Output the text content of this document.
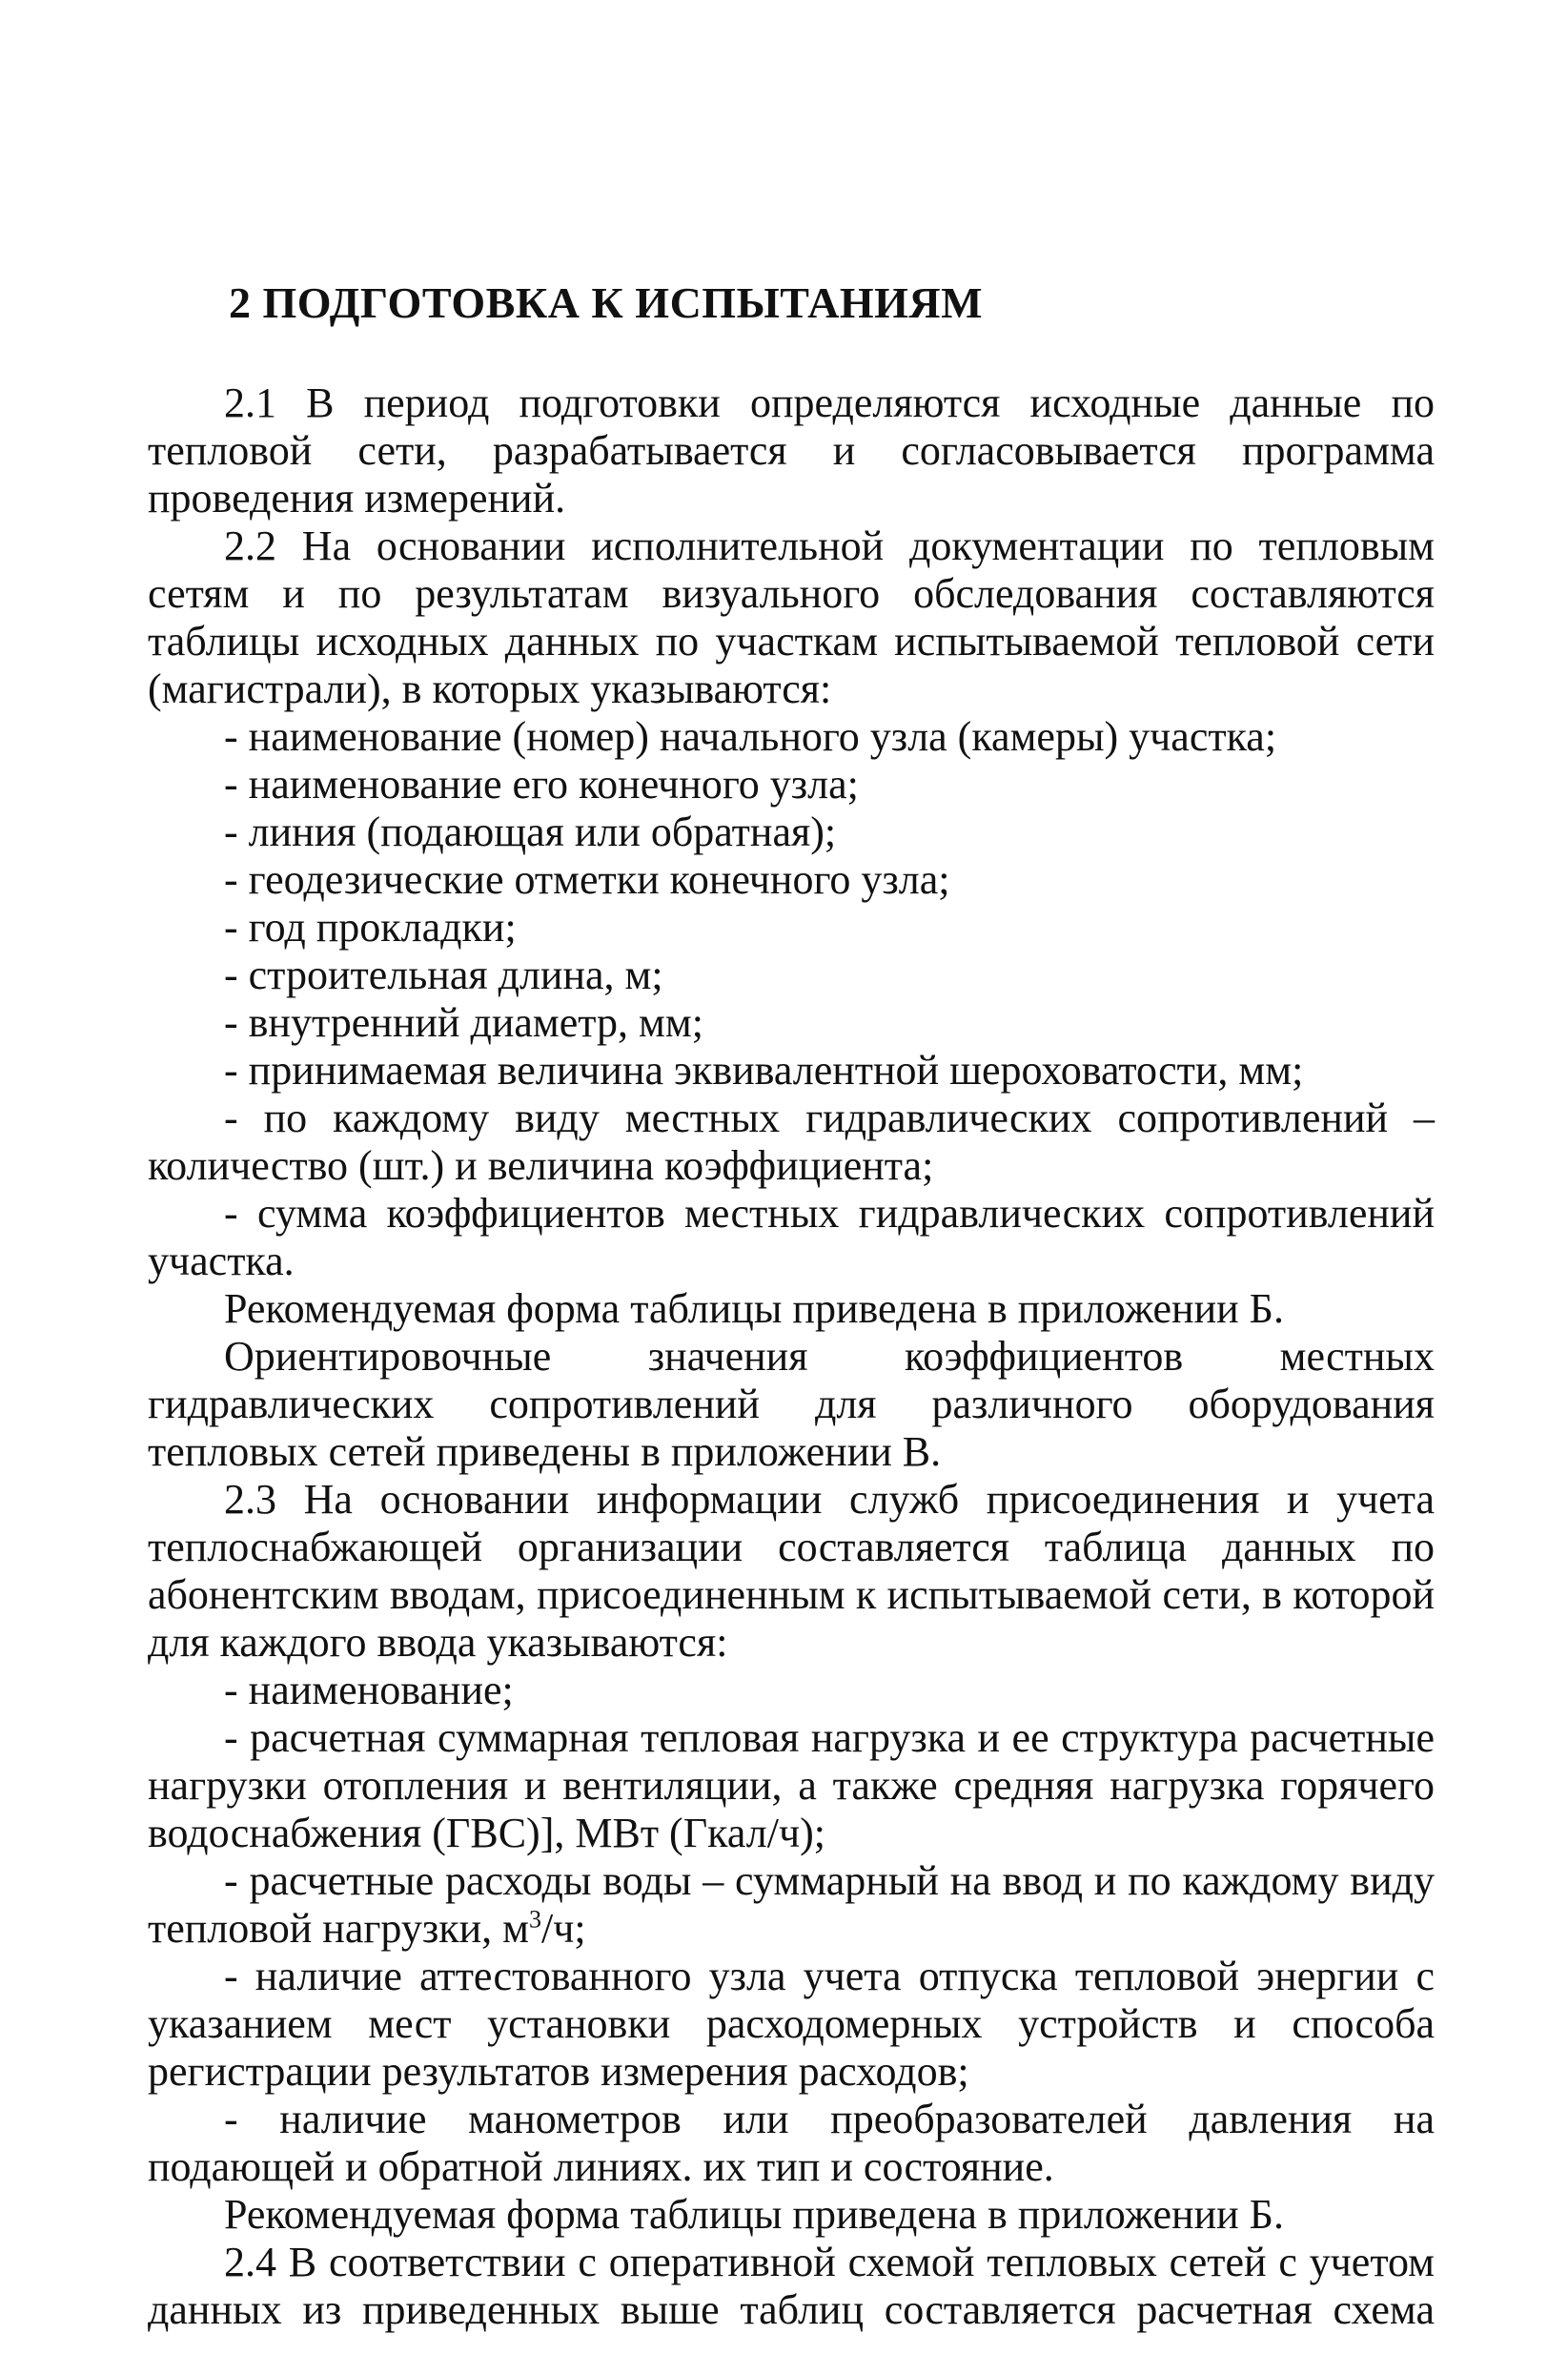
2 ПОДГОТОВКА К ИСПЫТАНИЯМ

2.1 В период подготовки определяются исходные данные по тепловой сети, разрабатывается и согласовывается программа проведения измерений.

2.2 На основании исполнительной документации по тепловым сетям и по результатам визуального обследования составляются таблицы исходных данных по участкам испытываемой тепловой сети (магистрали), в которых указываются:

- наименование (номер) начального узла (камеры) участка;

- наименование его конечного узла;

- линия (подающая или обратная);

- геодезические отметки конечного узла;

- год прокладки;

- строительная длина, м;

- внутренний диаметр, мм;

- принимаемая величина эквивалентной шероховатости, мм;

- по каждому виду местных гидравлических сопротивлений – количество (шт.) и величина коэффициента;

- сумма коэффициентов местных гидравлических сопротивлений участка.

Рекомендуемая форма таблицы приведена в приложении Б.

Ориентировочные значения коэффициентов местных гидравлических сопротивлений для различного оборудования тепловых сетей приведены в приложении В.

2.3 На основании информации служб присоединения и учета теплоснабжающей организации составляется таблица данных по абонентским вводам, присоединенным к испытываемой сети, в которой для каждого ввода указываются:

- наименование;

- расчетная суммарная тепловая нагрузка и ее структура расчетные нагрузки отопления и вентиляции, а также средняя нагрузка горячего водоснабжения (ГВС)], МВт (Гкал/ч);

- расчетные расходы воды – суммарный на ввод и по каждому виду тепловой нагрузки, $м^3/ч$;

- наличие аттестованного узла учета отпуска тепловой энергии с указанием мест установки расходомерных устройств и способа регистрации результатов измерения расходов;

- наличие манометров или преобразователей давления на подающей и обратной линиях. их тип и состояние.

Рекомендуемая форма таблицы приведена в приложении Б.

2.4 В соответствии с оперативной схемой тепловых сетей с учетом данных из приведенных выше таблиц составляется расчетная схема
